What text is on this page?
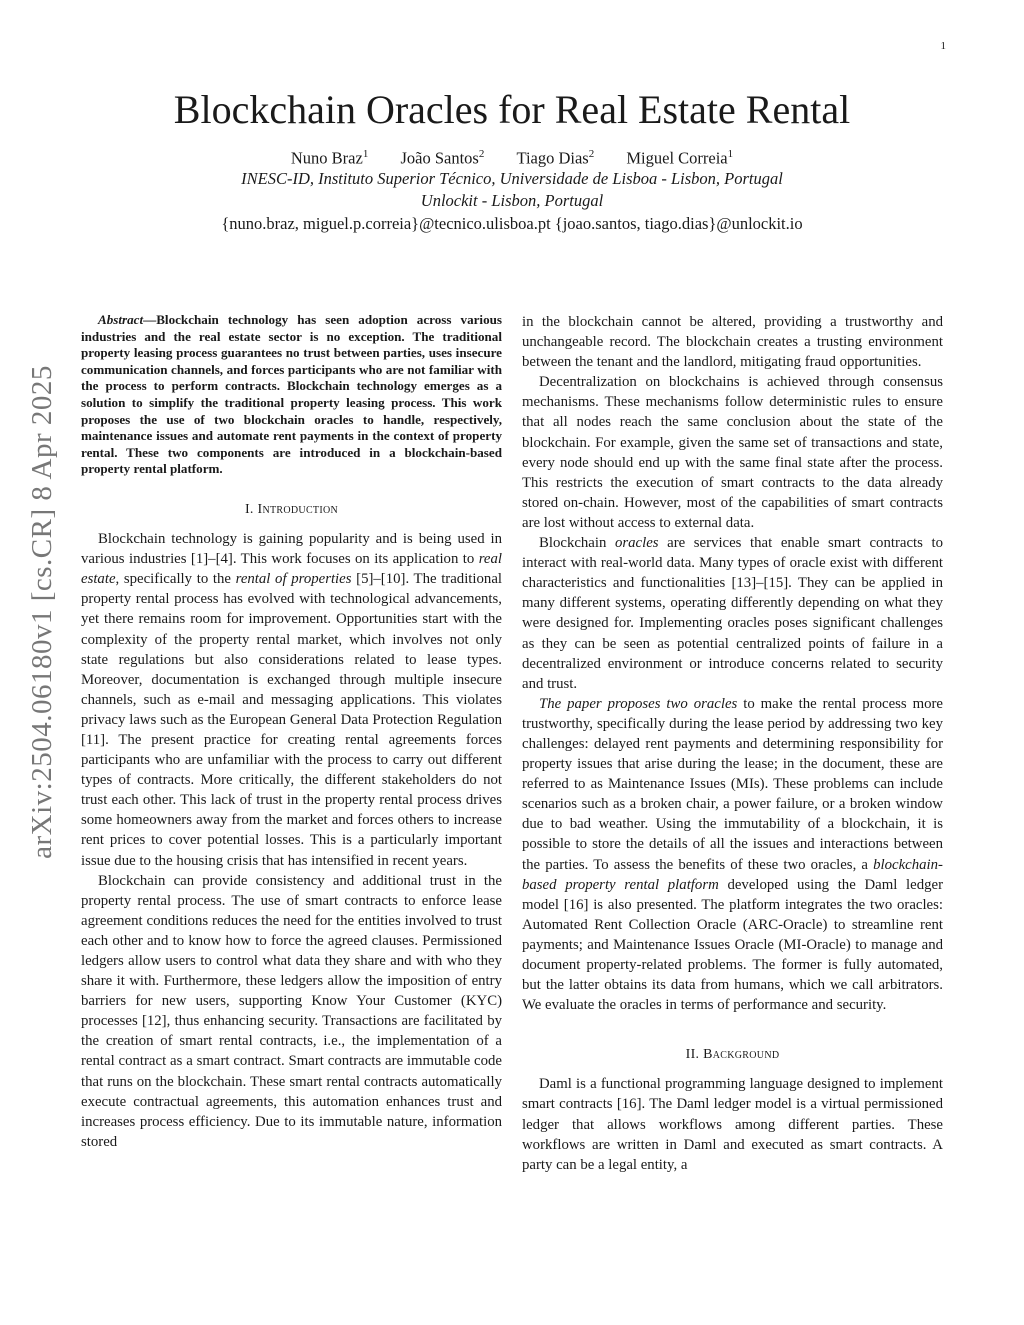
1
arXiv:2504.06180v1 [cs.CR] 8 Apr 2025
Blockchain Oracles for Real Estate Rental
Nuno Braz$^1$ João Santos$^2$ Tiago Dias$^2$ Miguel Correia$^1$
INESC-ID, Instituto Superior Técnico, Universidade de Lisboa - Lisbon, Portugal
Unlockit - Lisbon, Portugal
{nuno.braz, miguel.p.correia}@tecnico.ulisboa.pt {joao.santos, tiago.dias}@unlockit.io

Abstract—Blockchain technology has seen adoption across various industries and the real estate sector is no exception. The traditional property leasing process guarantees no trust between parties, uses insecure communication channels, and forces participants who are not familiar with the process to perform contracts. Blockchain technology emerges as a solution to simplify the traditional property leasing process. This work proposes the use of two blockchain oracles to handle, respectively, maintenance issues and automate rent payments in the context of property rental. These two components are introduced in a blockchain-based property rental platform.

I. Introduction

Blockchain technology is gaining popularity and is being used in various industries [1]–[4]. This work focuses on its application to real estate, specifically to the rental of properties [5]–[10]. The traditional property rental process has evolved with technological advancements, yet there remains room for improvement. Opportunities start with the complexity of the property rental market, which involves not only state regulations but also considerations related to lease types. Moreover, documentation is exchanged through multiple insecure channels, such as e-mail and messaging applications. This violates privacy laws such as the European General Data Protection Regulation [11]. The present practice for creating rental agreements forces participants who are unfamiliar with the process to carry out different types of contracts. More critically, the different stakeholders do not trust each other. This lack of trust in the property rental process drives some homeowners away from the market and forces others to increase rent prices to cover potential losses. This is a particularly important issue due to the housing crisis that has intensified in recent years.

Blockchain can provide consistency and additional trust in the property rental process. The use of smart contracts to enforce lease agreement conditions reduces the need for the entities involved to trust each other and to know how to force the agreed clauses. Permissioned ledgers allow users to control what data they share and with who they share it with. Furthermore, these ledgers allow the imposition of entry barriers for new users, supporting Know Your Customer (KYC) processes [12], thus enhancing security. Transactions are facilitated by the creation of smart rental contracts, i.e., the implementation of a rental contract as a smart contract. Smart contracts are immutable code that runs on the blockchain. These smart rental contracts automatically execute contractual agreements, this automation enhances trust and increases process efficiency. Due to its immutable nature, information stored

in the blockchain cannot be altered, providing a trustworthy and unchangeable record. The blockchain creates a trusting environment between the tenant and the landlord, mitigating fraud opportunities.

Decentralization on blockchains is achieved through consensus mechanisms. These mechanisms follow deterministic rules to ensure that all nodes reach the same conclusion about the state of the blockchain. For example, given the same set of transactions and state, every node should end up with the same final state after the process. This restricts the execution of smart contracts to the data already stored on-chain. However, most of the capabilities of smart contracts are lost without access to external data.

Blockchain oracles are services that enable smart contracts to interact with real-world data. Many types of oracle exist with different characteristics and functionalities [13]–[15]. They can be applied in many different systems, operating differently depending on what they were designed for. Implementing oracles poses significant challenges as they can be seen as potential centralized points of failure in a decentralized environment or introduce concerns related to security and trust.

The paper proposes two oracles to make the rental process more trustworthy, specifically during the lease period by addressing two key challenges: delayed rent payments and determining responsibility for property issues that arise during the lease; in the document, these are referred to as Maintenance Issues (MIs). These problems can include scenarios such as a broken chair, a power failure, or a broken window due to bad weather. Using the immutability of a blockchain, it is possible to store the details of all the issues and interactions between the parties. To assess the benefits of these two oracles, a blockchain-based property rental platform developed using the Daml ledger model [16] is also presented. The platform integrates the two oracles: Automated Rent Collection Oracle (ARC-Oracle) to streamline rent payments; and Maintenance Issues Oracle (MI-Oracle) to manage and document property-related problems. The former is fully automated, but the latter obtains its data from humans, which we call arbitrators. We evaluate the oracles in terms of performance and security.

II. Background

Daml is a functional programming language designed to implement smart contracts [16]. The Daml ledger model is a virtual permissioned ledger that allows workflows among different parties. These workflows are written in Daml and executed as smart contracts. A party can be a legal entity, a
